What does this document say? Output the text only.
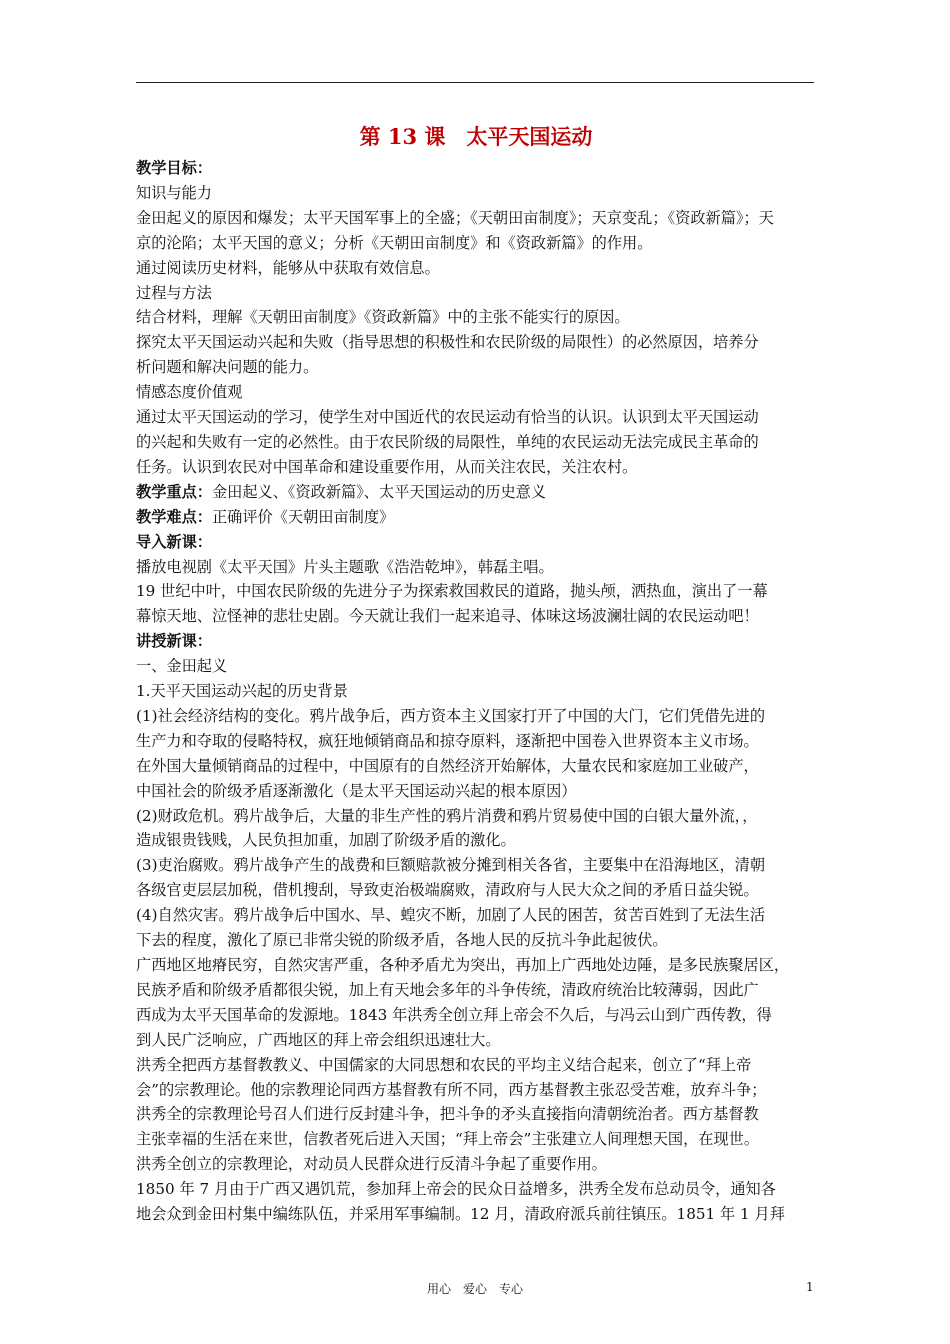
第 13 课　太平天国运动

教学目标：

知识与能力

金田起义的原因和爆发；太平天国军事上的全盛；《天朝田亩制度》；天京变乱；《资政新篇》；天

京的沦陷；太平天国的意义；分析《天朝田亩制度》和《资政新篇》的作用。

通过阅读历史材料，能够从中获取有效信息。

过程与方法

结合材料，理解《天朝田亩制度》《资政新篇》中的主张不能实行的原因。

探究太平天国运动兴起和失败（指导思想的积极性和农民阶级的局限性）的必然原因，培养分

析问题和解决问题的能力。

情感态度价值观

通过太平天国运动的学习，使学生对中国近代的农民运动有恰当的认识。认识到太平天国运动

的兴起和失败有一定的必然性。由于农民阶级的局限性，单纯的农民运动无法完成民主革命的

任务。认识到农民对中国革命和建设重要作用，从而关注农民，关注农村。

教学重点：金田起义、《资政新篇》、太平天国运动的历史意义

教学难点：正确评价《天朝田亩制度》

导入新课：

播放电视剧《太平天国》片头主题歌《浩浩乾坤》，韩磊主唱。

19 世纪中叶，中国农民阶级的先进分子为探索救国救民的道路，抛头颅，洒热血，演出了一幕

幕惊天地、泣怪神的悲壮史剧。今天就让我们一起来追寻、体味这场波澜壮阔的农民运动吧！

讲授新课：

一、金田起义

1.天平天国运动兴起的历史背景

(1)社会经济结构的变化。鸦片战争后，西方资本主义国家打开了中国的大门，它们凭借先进的

生产力和夺取的侵略特权，疯狂地倾销商品和掠夺原料，逐渐把中国卷入世界资本主义市场。

在外国大量倾销商品的过程中，中国原有的自然经济开始解体，大量农民和家庭加工业破产，

中国社会的阶级矛盾逐渐激化（是太平天国运动兴起的根本原因）

(2)财政危机。鸦片战争后，大量的非生产性的鸦片消费和鸦片贸易使中国的白银大量外流，，

造成银贵钱贱，人民负担加重，加剧了阶级矛盾的激化。

(3)吏治腐败。鸦片战争产生的战费和巨额赔款被分摊到相关各省，主要集中在沿海地区，清朝

各级官吏层层加税，借机搜刮，导致吏治极端腐败，清政府与人民大众之间的矛盾日益尖锐。

(4)自然灾害。鸦片战争后中国水、旱、蝗灾不断，加剧了人民的困苦，贫苦百姓到了无法生活

下去的程度，激化了原已非常尖锐的阶级矛盾，各地人民的反抗斗争此起彼伏。

广西地区地瘠民穷，自然灾害严重，各种矛盾尤为突出，再加上广西地处边陲，是多民族聚居区，

民族矛盾和阶级矛盾都很尖锐，加上有天地会多年的斗争传统，清政府统治比较薄弱，因此广

西成为太平天国革命的发源地。1843 年洪秀全创立拜上帝会不久后，与冯云山到广西传教，得

到人民广泛响应，广西地区的拜上帝会组织迅速壮大。

洪秀全把西方基督教教义、中国儒家的大同思想和农民的平均主义结合起来，创立了“拜上帝

会”的宗教理论。他的宗教理论同西方基督教有所不同，西方基督教主张忍受苦难，放弃斗争；

洪秀全的宗教理论号召人们进行反封建斗争，把斗争的矛头直接指向清朝统治者。西方基督教

主张幸福的生活在来世，信教者死后进入天国；“拜上帝会”主张建立人间理想天国，在现世。

洪秀全创立的宗教理论，对动员人民群众进行反清斗争起了重要作用。

1850 年 7 月由于广西又遇饥荒，参加拜上帝会的民众日益增多，洪秀全发布总动员令，通知各

地会众到金田村集中编练队伍，并采用军事编制。12 月，清政府派兵前往镇压。1851 年 1 月拜

用心　爱心　专心	1
